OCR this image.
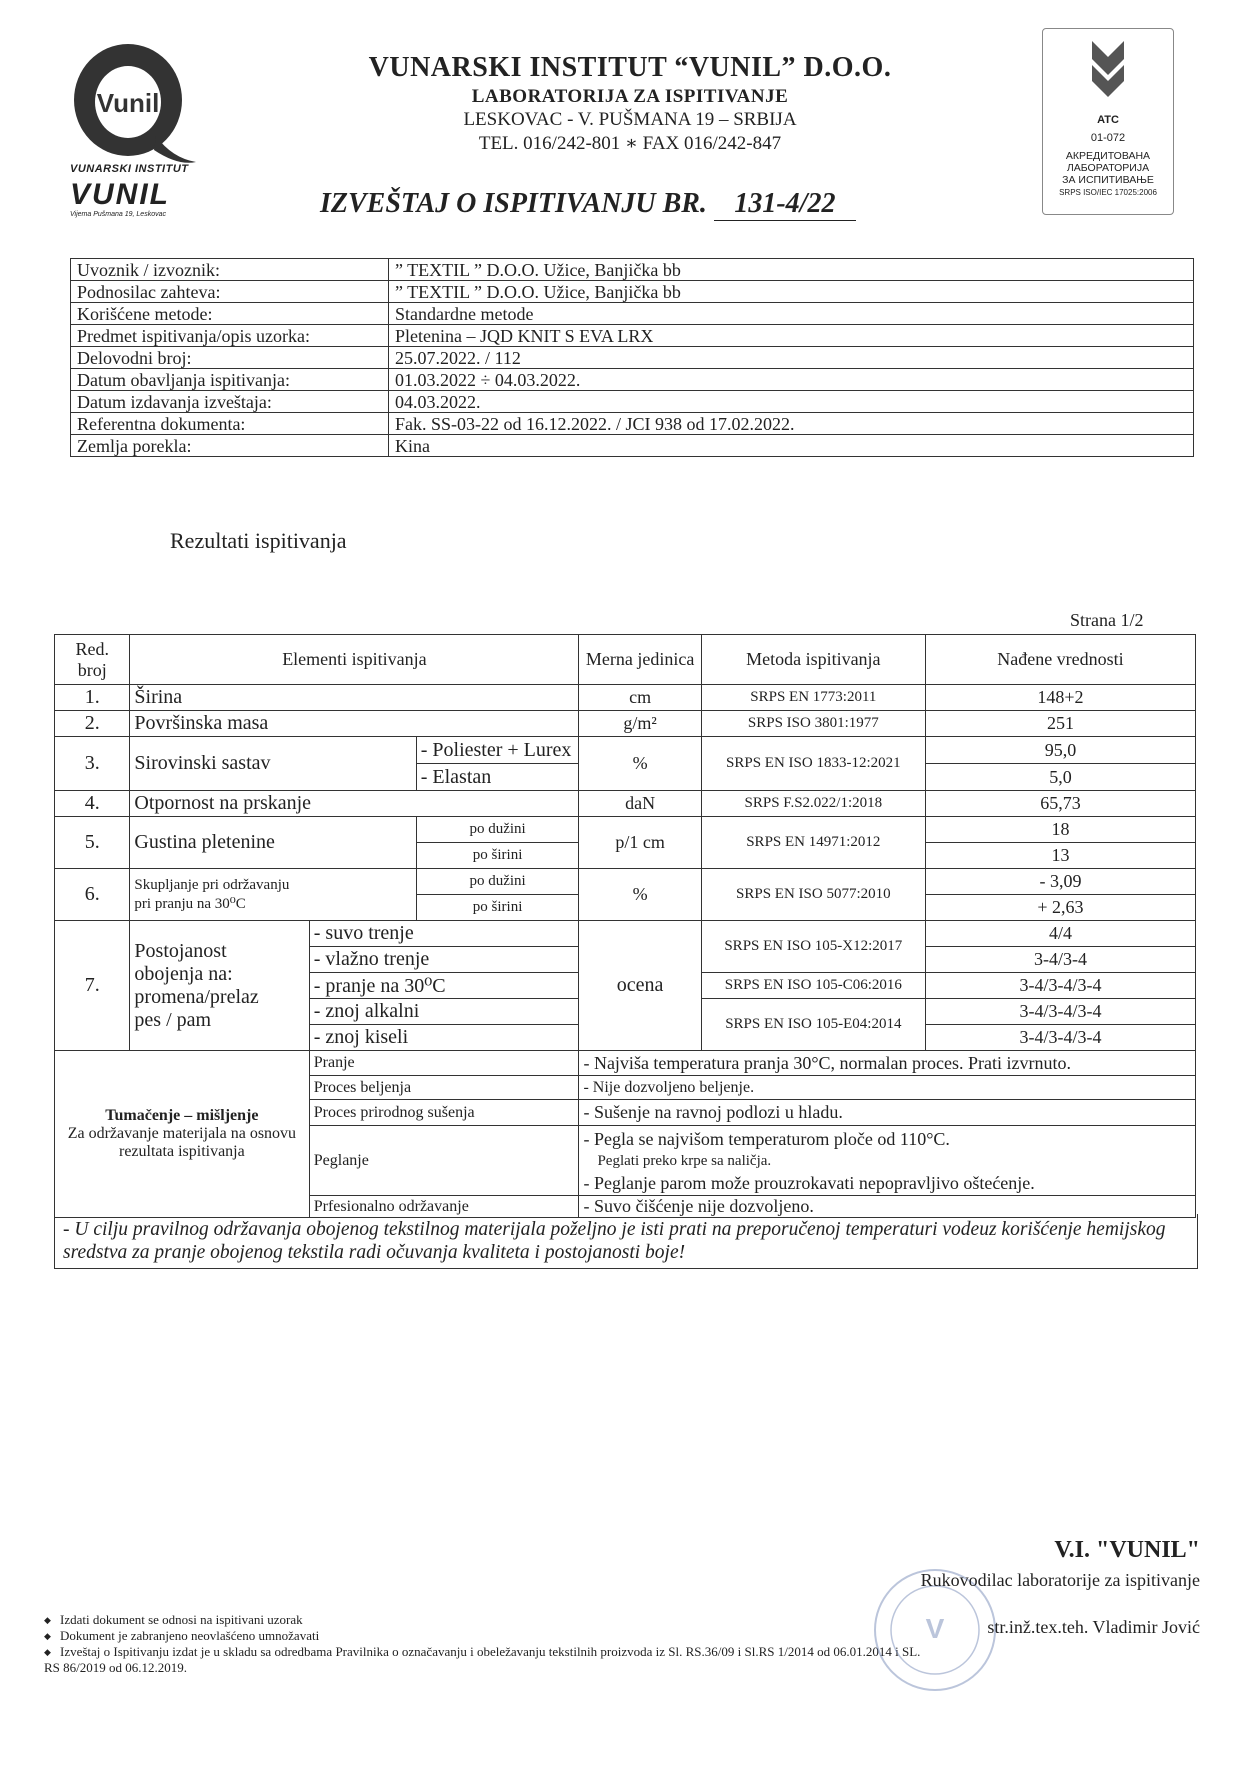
Vunil
VUNARSKI INSTITUT
VUNIL
Vijema Pušmana 19, Leskovac
VUNARSKI INSTITUT “VUNIL” D.O.O.
LABORATORIJA ZA ISPITIVANJE
LESKOVAC - V. PUŠMANA 19 – SRBIJA
TEL. 016/242-801 ∗ FAX 016/242-847
IZVEŠTAJ O ISPITIVANJU BR. 131-4/22
ATC
01-072
АКРЕДИТОВАНА
ЛАБОРАТОРИЈА
ЗА ИСПИТИВАЊЕ
SRPS ISO/IEC 17025:2006
Uvoznik / izvoznik:	” TEXTIL ” D.O.O. Užice, Banjička bb
Podnosilac zahteva:	” TEXTIL ” D.O.O. Užice, Banjička bb
Korišćene metode:	Standardne metode
Predmet ispitivanja/opis uzorka:	Pletenina – JQD KNIT S EVA LRX
Delovodni broj:	25.07.2022. / 112
Datum obavljanja ispitivanja:	01.03.2022 ÷ 04.03.2022.
Datum izdavanja izveštaja:	04.03.2022.
Referentna dokumenta:	Fak. SS-03-22 od 16.12.2022. / JCI 938 od 17.02.2022.
Zemlja porekla:	Kina
Rezultati ispitivanja
Strana 1/2
Red. broj	Elementi ispitivanja			Merna jedinica	Metoda ispitivanja	Nađene vrednosti
1.	Širina			cm	SRPS EN 1773:2011	148+2
2.	Površinska masa			g/m²	SRPS ISO 3801:1977	251
3.	Sirovinski sastav		- Poliester + Lurex	%	SRPS EN ISO 1833-12:2021	95,0
			- Elastan			5,0
4.	Otpornost na prskanje			daN	SRPS F.S2.022/1:2018	65,73
5.	Gustina pletenine		po dužini	p/1 cm	SRPS EN 14971:2012	18
			po širini			13
6.	Skupljanje pri održavanju
pri pranju na 30⁰C		po dužini	%	SRPS EN ISO 5077:2010	- 3,09
			po širini			+ 2,63
7.	Postojanost
obojenja na:
promena/prelaz
pes / pam	- suvo trenje		ocena	SRPS EN ISO 105-X12:2017	4/4
		- vlažno trenje				3-4/3-4
		- pranje na 30⁰C			SRPS EN ISO 105-C06:2016	3-4/3-4/3-4
		- znoj alkalni			SRPS EN ISO 105-E04:2014	3-4/3-4/3-4
		- znoj kiseli				3-4/3-4/3-4

Tumačenje – mišljenje
Za održavanje materijala na osnovu rezultata ispitivanja		Pranje		- Najviša temperatura pranja 30°C, normalan proces. Prati izvrnuto.		
		Proces beljenja		- Nije dozvoljeno beljenje.		
		Proces prirodnog sušenja		- Sušenje na ravnoj podlozi u hladu.		
		Peglanje		- Pegla se najvišom temperaturom ploče od 110°C.
Peglati preko krpe sa naličja.
- Peglanje parom može prouzrokavati nepopravljivo oštećenje.		

		Prfesionalno održavanje		- Suvo čišćenje nije dozvoljeno.		
- U cilju pravilnog održavanja obojenog tekstilnog materijala poželjno je isti prati na preporučenoj temperaturi vodeuz korišćenje hemijskog sredstva za pranje obojenog tekstila radi očuvanja kvaliteta i postojanosti boje!
◆ Izdati dokument se odnosi na ispitivani uzorak
◆ Dokument je zabranjeno neovlašćeno umnožavati
◆ Izveštaj o Ispitivanju izdat je u skladu sa odredbama Pravilnika o označavanju i obeležavanju tekstilnih proizvoda iz Sl. RS.36/09 i Sl.RS 1/2014 od 06.01.2014 i SL.
RS 86/2019 od 06.12.2019.
V
V.I. "VUNIL"
Rukovodilac laboratorije za ispitivanje
str.inž.tex.teh. Vladimir Jović
